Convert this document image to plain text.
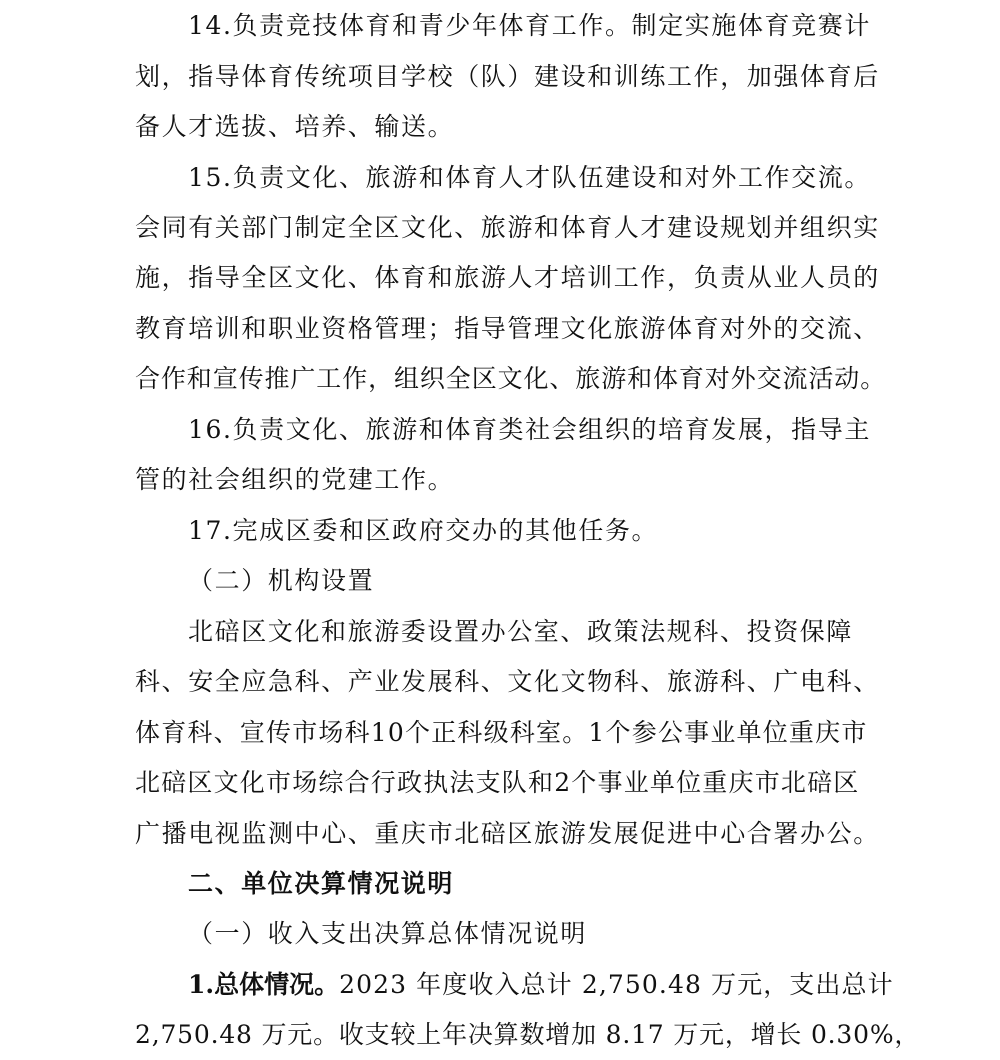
14.负责竞技体育和青少年体育工作。制定实施体育竞赛计
划，指导体育传统项目学校（队）建设和训练工作，加强体育后
备人才选拔、培养、输送。
15.负责文化、旅游和体育人才队伍建设和对外工作交流。
会同有关部门制定全区文化、旅游和体育人才建设规划并组织实
施，指导全区文化、体育和旅游人才培训工作，负责从业人员的
教育培训和职业资格管理；指导管理文化旅游体育对外的交流、
合作和宣传推广工作，组织全区文化、旅游和体育对外交流活动。
16.负责文化、旅游和体育类社会组织的培育发展，指导主
管的社会组织的党建工作。
17.完成区委和区政府交办的其他任务。
（二）机构设置
北碚区文化和旅游委设置办公室、政策法规科、投资保障
科、安全应急科、产业发展科、文化文物科、旅游科、广电科、
体育科、宣传市场科10个正科级科室。1个参公事业单位重庆市
北碚区文化市场综合行政执法支队和2个事业单位重庆市北碚区
广播电视监测中心、重庆市北碚区旅游发展促进中心合署办公。
二、单位决算情况说明
（一）收入支出决算总体情况说明
1.总体情况。2023 年度收入总计 2,750.48 万元，支出总计
2,750.48 万元。收支较上年决算数增加 8.17 万元，增长 0.30%，
